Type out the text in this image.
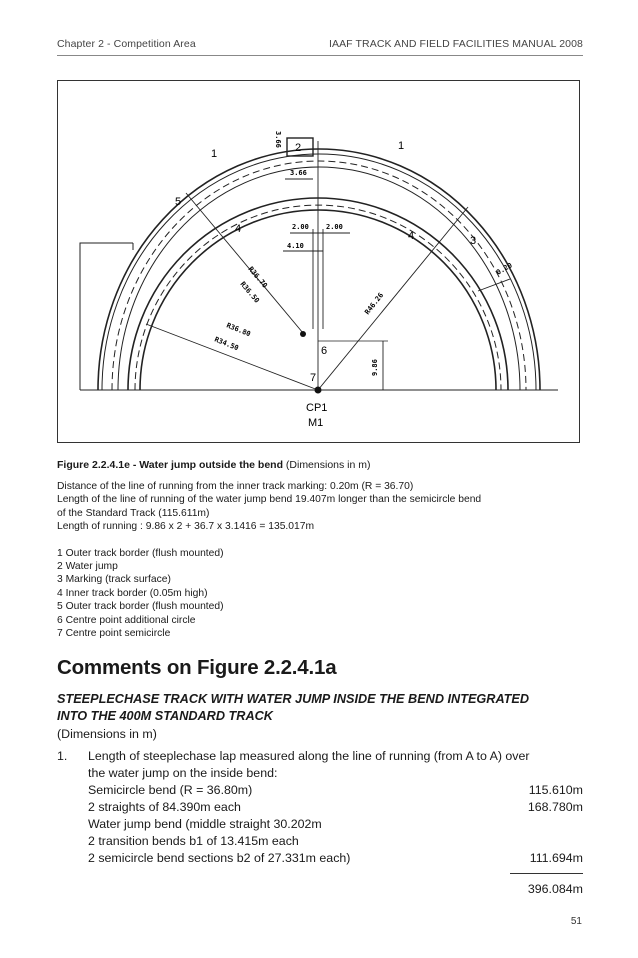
Chapter 2 - Competition Area	IAAF TRACK AND FIELD FACILITIES MANUAL 2008
3.66
3.66
2.00 2.00
4.10
R36.70
R36.50
R36.80
R34.50
R46.26
0.20
9.86
1
1
2
3
4
4
5
6
7
CP1
M1
Figure 2.2.4.1e - Water jump outside the bend (Dimensions in m)
Distance of the line of running from the inner track marking: 0.20m (R = 36.70)
Length of the line of running of the water jump bend 19.407m longer than the semicircle bend
of the Standard Track (115.611m)
Length of running : 9.86 x 2 + 36.7 x 3.1416 = 135.017m
1 Outer track border (flush mounted)
2 Water jump
3 Marking (track surface)
4 Inner track border (0.05m high)
5 Outer track border (flush mounted)
6 Centre point additional circle
7 Centre point semicircle
Comments on Figure 2.2.4.1a
STEEPLECHASE TRACK WITH WATER JUMP INSIDE THE BEND INTEGRATED
INTO THE 400M STANDARD TRACK
(Dimensions in m)
1. Length of steeplechase lap measured along the line of running (from A to A) over
the water jump on the inside bend:
Semicircle bend (R = 36.80m)	115.610m
2 straights of 84.390m each	168.780m
Water jump bend (middle straight 30.202m
2 transition bends b1 of 13.415m each
2 semicircle bend sections b2 of 27.331m each)	111.694m
396.084m
51
